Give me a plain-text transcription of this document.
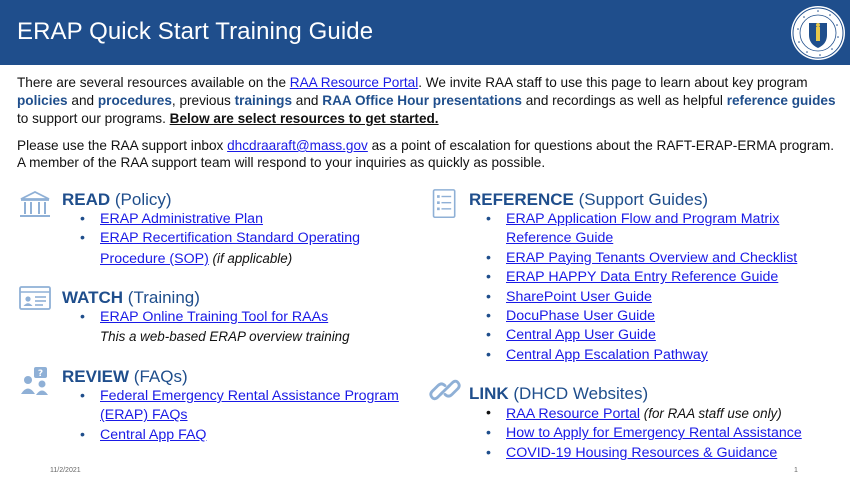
ERAP Quick Start Training Guide
There are several resources available on the RAA Resource Portal. We invite RAA staff to use this page to learn about key program policies and procedures, previous trainings and RAA Office Hour presentations and recordings as well as helpful reference guides to support our programs. Below are select resources to get started.
Please use the RAA support inbox dhcdraaraft@mass.gov as a point of escalation for questions about the RAFT-ERAP-ERMA program. A member of the RAA support team will respond to your inquiries as quickly as possible.
READ (Policy)
• ERAP Administrative Plan
• ERAP Recertification Standard Operating Procedure (SOP) (if applicable)
WATCH (Training)
• ERAP Online Training Tool for RAAs
This a web-based ERAP overview training
? REVIEW (FAQs)
• Federal Emergency Rental Assistance Program (ERAP) FAQs
• Central App FAQ
REFERENCE (Support Guides)
• ERAP Application Flow and Program Matrix Reference Guide
• ERAP Paying Tenants Overview and Checklist
• ERAP HAPPY Data Entry Reference Guide
• SharePoint User Guide
• DocuPhase User Guide
• Central App User Guide
• Central App Escalation Pathway
LINK (DHCD Websites)
• RAA Resource Portal (for RAA staff use only)
• How to Apply for Emergency Rental Assistance
• COVID-19 Housing Resources & Guidance
11/2/2021	1
